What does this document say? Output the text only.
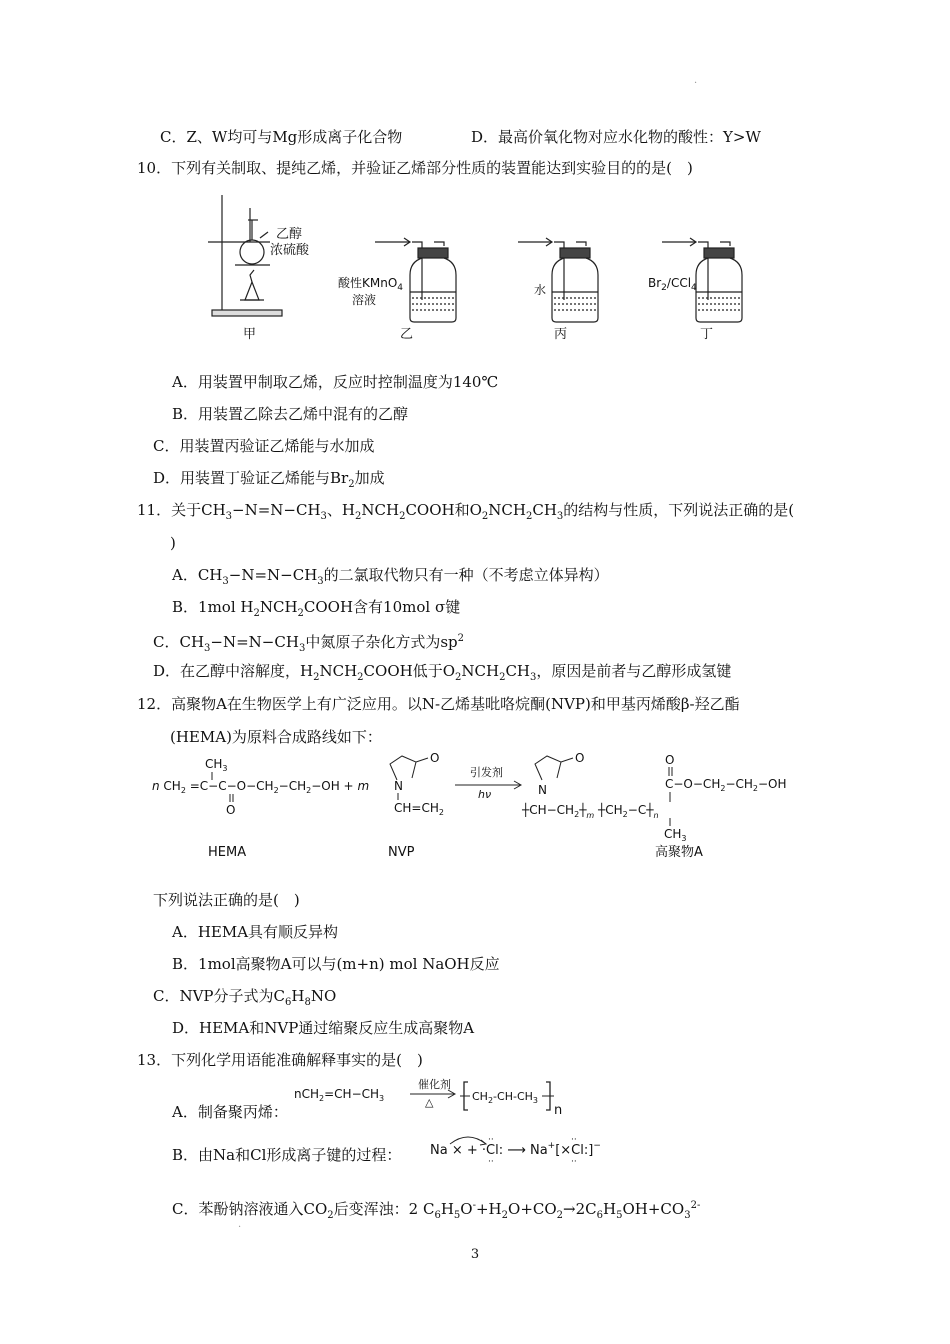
·
C．Z、W均可与Mg形成离子化合物	D．最高价氧化物对应水化物的酸性：Y>W
10．下列有关制取、提纯乙烯，并验证乙烯部分性质的装置能达到实验目的的是(　)
乙醇
浓硫酸
甲
酸性KMnO$_4$
溶液
乙
水
丙
$Br_2/CCl_4$
丁
A．用装置甲制取乙烯，反应时控制温度为140℃
B．用装置乙除去乙烯中混有的乙醇
C．用装置丙验证乙烯能与水加成
D．用装置丁验证乙烯能与$Br_2$加成
11．关于$CH_3-N=N-CH_3$、$H_2NCH_2COOH$和$O_2NCH_2CH_3$的结构与性质，下列说法正确的是(
)
A．$CH_3-N=N-CH_3$的二氯取代物只有一种（不考虑立体异构）
B．1mol $H_2NCH_2COOH$含有10mol σ键
C．$CH_3-N=N-CH_3$中氮原子杂化方式为$sp^2$
D．在乙醇中溶解度，$H_2NCH_2COOH$低于$O_2NCH_2CH_3$，原因是前者与乙醇形成氢键
12．高聚物A在生物医学上有广泛应用。以N-乙烯基吡咯烷酮(NVP)和甲基丙烯酸β-羟乙酯
(HEMA)为原料合成路线如下：
n $CH_2 =C-C-O-CH_2-CH_2-OH + m$
$CH_3$
O
HEMA
O
N
$CH=CH_2$
NVP
引发剂
hν
O
N
$┼CH-CH_2┼_m$ $┼CH_2-C┼_n$
$C-O-CH_2-CH_2-OH$
O
$CH_3$
高聚物A
下列说法正确的是(　)
A．HEMA具有顺反异构
B．1mol高聚物A可以与(m+n) mol NaOH反应
C．NVP分子式为$C_6H_8NO$
D．HEMA和NVP通过缩聚反应生成高聚物A
13．下列化学用语能准确解释事实的是(　)
A．制备聚丙烯：
$nCH_2=CH-CH_3$
催化剂
△	$CH_2-CH-CH_3$
n
B．由Na和Cl形成离子键的过程： Na × + ·Cl: ⟶ Na+[×Cl:]−
··
··
··
··
C．苯酚钠溶液通入$CO_2$后变浑浊：2 $C_6H_5O^-+H_2O+CO_2\to 2C_6H_5OH+CO_3^{2-}$
·
3
